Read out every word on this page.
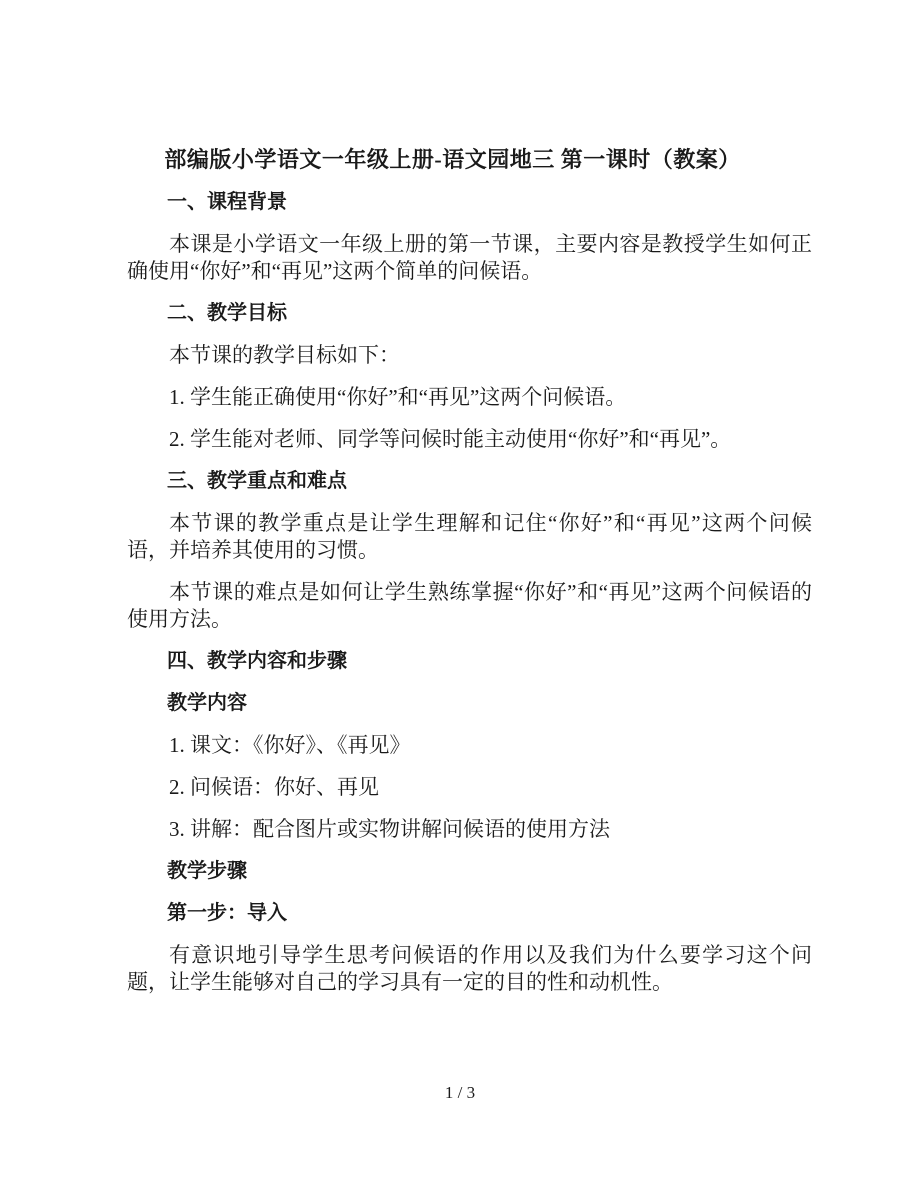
部编版小学语文一年级上册-语文园地三 第一课时（教案）

一、课程背景

本课是小学语文一年级上册的第一节课，主要内容是教授学生如何正确使用“你好”和“再见”这两个简单的问候语。

二、教学目标

本节课的教学目标如下：

1. 学生能正确使用“你好”和“再见”这两个问候语。

2. 学生能对老师、同学等问候时能主动使用“你好”和“再见”。

三、教学重点和难点

本节课的教学重点是让学生理解和记住“你好”和“再见”这两个问候语，并培养其使用的习惯。

本节课的难点是如何让学生熟练掌握“你好”和“再见”这两个问候语的使用方法。

四、教学内容和步骤

教学内容

1. 课文：《你好》、《再见》

2. 问候语：你好、再见

3. 讲解：配合图片或实物讲解问候语的使用方法

教学步骤

第一步：导入

有意识地引导学生思考问候语的作用以及我们为什么要学习这个问题，让学生能够对自己的学习具有一定的目的性和动机性。

1 / 3
